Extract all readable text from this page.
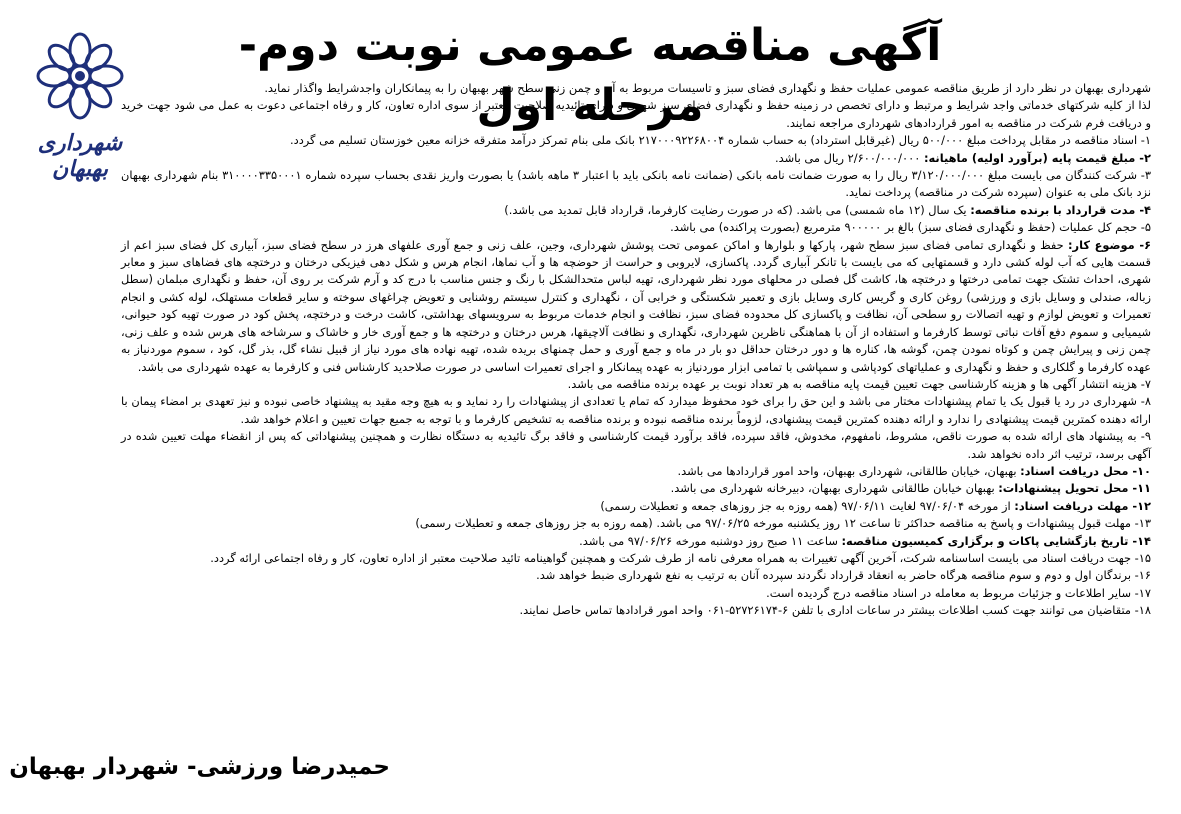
شهرداری بهبهان
آگهی مناقصه عمومی نوبت دوم- مرحله اول

شهرداری بهبهان در نظر دارد از طریق مناقصه عمومی عملیات حفظ و نگهداری فضای سبز و تاسیسات مربوط به آن و چمن زنی سطح شهر بهبهان را به پیمانکاران واجدشرایط واگذار نماید.

لذا از کلیه شرکتهای خدماتی واجد شرایط و مرتبط و دارای تخصص در زمینه حفظ و نگهداری فضای سبز شهری و دارای تائیدیه صلاحیت معتبر از سوی اداره تعاون، کار و رفاه اجتماعی دعوت به عمل می شود جهت خرید و دریافت فرم شرکت در مناقصه به امور قراردادهای شهرداری مراجعه نمایند.

۱- اسناد مناقصه در مقابل پرداخت مبلغ ۵۰۰/۰۰۰ ریال (غیرقابل استرداد) به حساب شماره ۲۱۷۰۰۰۹۲۲۶۸۰۰۴ بانک ملی بنام تمرکز درآمد متفرقه خزانه معین خوزستان تسلیم می گردد.

۲- مبلغ قیمت پایه (برآورد اولیه) ماهیانه: ۲/۶۰۰/۰۰۰/۰۰۰ ریال می باشد.

۳- شرکت کنندگان می بایست مبلغ ۳/۱۲۰/۰۰۰/۰۰۰ ریال را به صورت ضمانت نامه بانکی (ضمانت نامه بانکی باید با اعتبار ۳ ماهه باشد) یا بصورت واریز نقدی بحساب سپرده شماره ۳۱۰۰۰۰۳۳۵۰۰۰۱ بنام شهرداری بهبهان نزد بانک ملی به عنوان (سپرده شرکت در مناقصه) پرداخت نماید.

۴- مدت قرارداد با برنده مناقصه: یک سال (۱۲ ماه شمسی) می باشد. (که در صورت رضایت کارفرما، قرارداد قابل تمدید می باشد.)

۵- حجم کل عملیات (حفظ و نگهداری فضای سبز) بالغ بر ۹۰۰۰۰۰ مترمربع (بصورت پراکنده) می باشد.

۶- موضوع کار: حفظ و نگهداری تمامی فضای سبز سطح شهر، پارکها و بلوارها و اماکن عمومی تحت پوشش شهرداری، وجین، علف زنی و جمع آوری علفهای هرز در سطح فضای سبز، آبیاری کل فضای سبز اعم از قسمت هایی که آب لوله کشی دارد و قسمتهایی که می بایست با تانکر آبیاری گردد. پاکسازی، لایروبی و حراست از حوضچه ها و آب نماها، انجام هرس و شکل دهی فیزیکی درختان و درختچه های فضاهای سبز و معابر شهری، احداث تشتک جهت تمامی درختها و درختچه ها، کاشت گل فصلی در محلهای مورد نظر شهرداری، تهیه لباس متحدالشکل با رنگ و جنس مناسب با درج کد و آرم شرکت بر روی آن، حفظ و نگهداری مبلمان (سطل زباله، صندلی و وسایل بازی و ورزشی) روغن کاری و گریس کاری وسایل بازی و تعمیر شکستگی و خرابی آن ، نگهداری و کنترل سیستم روشنایی و تعویض چراغهای سوخته و سایر قطعات مستهلک، لوله کشی و انجام تعمیرات و تعویض لوازم و تهیه اتصالات رو سطحی آن، نظافت و پاکسازی کل محدوده فضای سبز، نظافت و انجام خدمات مربوط به سرویسهای بهداشتی، کاشت درخت و درختچه، پخش کود در صورت تهیه کود حیوانی، شیمیایی و سموم دفع آفات نباتی توسط کارفرما و استفاده از آن با هماهنگی ناظرین شهرداری، نگهداری و نظافت آلاچیقها، هرس درختان و درختچه ها و جمع آوری خار و خاشاک و سرشاخه های هرس شده و علف زنی، چمن زنی و پیرایش چمن و کوتاه نمودن چمن، گوشه ها، کناره ها و دور درختان حداقل دو بار در ماه و جمع آوری و حمل چمنهای بریده شده، تهیه نهاده های مورد نیاز از قبیل نشاء گل، بذر گل، کود ، سموم موردنیاز به عهده کارفرما و گلکاری و حفظ و نگهداری و عملیاتهای کودپاشی و سمپاشی با تمامی ابزار موردنیاز به عهده پیمانکار و اجرای تعمیرات اساسی در صورت صلاحدید کارشناس فنی و کارفرما به عهده شهرداری می باشد.

۷- هزینه انتشار آگهی ها و هزینه کارشناسی جهت تعیین قیمت پایه مناقصه به هر تعداد نوبت بر عهده برنده مناقصه می باشد.

۸- شهرداری در رد یا قبول یک یا تمام پیشنهادات مختار می باشد و این حق را برای خود محفوظ میدارد که تمام یا تعدادی از پیشنهادات را رد نماید و به هیچ وجه مقید به پیشنهاد خاصی نبوده و نیز تعهدی بر امضاء پیمان با ارائه دهنده کمترین قیمت پیشنهادی را ندارد و ارائه دهنده کمترین قیمت پیشنهادی، لزوماً برنده مناقصه نبوده و برنده مناقصه به تشخیص کارفرما و با توجه به جمیع جهات تعیین و اعلام خواهد شد.

۹- به پیشنهاد های ارائه شده به صورت ناقص، مشروط، نامفهوم، مخدوش، فاقد سپرده، فاقد برآورد قیمت کارشناسی و فاقد برگ تائیدیه به دستگاه نظارت و همچنین پیشنهاداتی که پس از انقضاء مهلت تعیین شده در آگهی برسد، ترتیب اثر داده نخواهد شد.

۱۰- محل دریافت اسناد: بهبهان، خیابان طالقانی، شهرداری بهبهان، واحد امور قراردادها می باشد.

۱۱- محل تحویل پیشنهادات: بهبهان خیابان طالقانی شهرداری بهبهان، دبیرخانه شهرداری می باشد.

۱۲- مهلت دریافت اسناد: از مورخه ۹۷/۰۶/۰۴ لغایت ۹۷/۰۶/۱۱ (همه روزه به جز روزهای جمعه و تعطیلات رسمی)

۱۳- مهلت قبول پیشنهادات و پاسخ به مناقصه حداکثر تا ساعت ۱۲ روز یکشنبه مورخه ۹۷/۰۶/۲۵ می باشد. (همه روزه به جز روزهای جمعه و تعطیلات رسمی)

۱۴- تاریخ بازگشایی پاکات و برگزاری کمیسیون مناقصه: ساعت ۱۱ صبح روز دوشنبه مورخه ۹۷/۰۶/۲۶ می باشد.

۱۵- جهت دریافت اسناد می بایست اساسنامه شرکت، آخرین آگهی تغییرات به همراه معرفی نامه از طرف شرکت و همچنین گواهینامه تائید صلاحیت معتبر از اداره تعاون، کار و رفاه اجتماعی ارائه گردد.

۱۶- برندگان اول و دوم و سوم مناقصه هرگاه حاضر به انعقاد قرارداد نگردند سپرده آنان به ترتیب به نفع شهرداری ضبط خواهد شد.

۱۷- سایر اطلاعات و جزئیات مربوط به معامله در اسناد مناقصه درج گردیده است.

۱۸- متقاضیان می توانند جهت کسب اطلاعات بیشتر در ساعات اداری با تلفن ۶-۵۲۷۲۶۱۷۴-۰۶۱ واحد امور قرادادها تماس حاصل نمایند.

حمیدرضا ورزشی- شهردار بهبهان
